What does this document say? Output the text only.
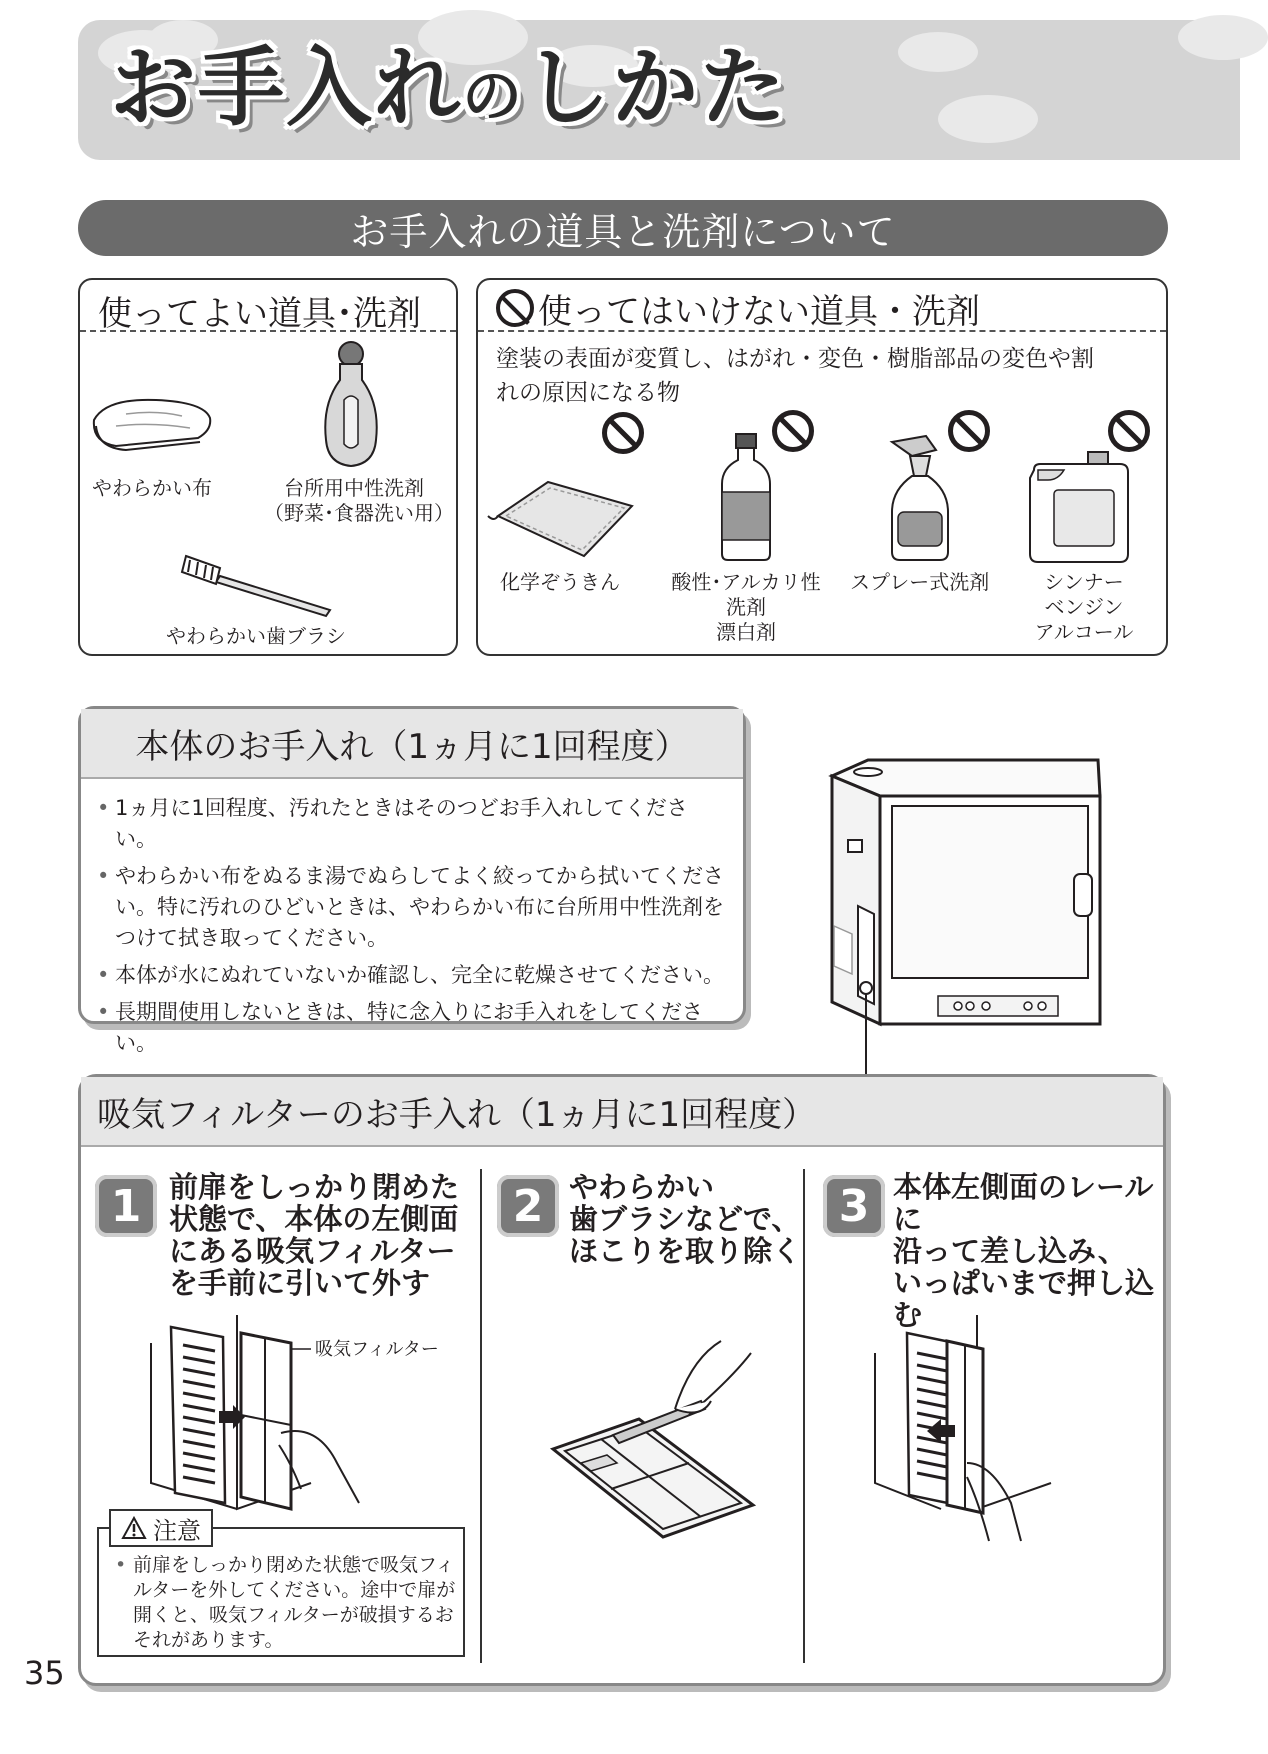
お手入れのしかた
お手入れの道具と洗剤について
使ってよい道具･洗剤
やわらかい布	台所用中性洗剤
（野菜･食器洗い用）
やわらかい歯ブラシ
使ってはいけない道具・洗剤
塗装の表面が変質し、はがれ・変色・樹脂部品の変色や割
れの原因になる物
化学ぞうきん	酸性･アルカリ性
洗剤
漂白剤
スプレー式洗剤	シンナー
ベンジン
アルコール
本体のお手入れ（1ヵ月に1回程度）
• 1ヵ月に1回程度、汚れたときはそのつどお手入れしてください。
• やわらかい布をぬるま湯でぬらしてよく絞ってから拭いてください。特に汚れのひどいときは、やわらかい布に台所用中性洗剤をつけて拭き取ってください。
• 本体が水にぬれていないか確認し、完全に乾燥させてください。
• 長期間使用しないときは、特に念入りにお手入れをしてください。
吸気フィルターのお手入れ（1ヵ月に1回程度）
1 前扉をしっかり閉めた
状態で、本体の左側面
にある吸気フィルター
を手前に引いて外す
吸気フィルター
注意
• 前扉をしっかり閉めた状態で吸気フィルターを外してください。途中で扉が開くと、吸気フィルターが破損するおそれがあります。
2 やわらかい
歯ブラシなどで、
ほこりを取り除く
3 本体左側面のレールに
沿って差し込み、
いっぱいまで押し込む
35
